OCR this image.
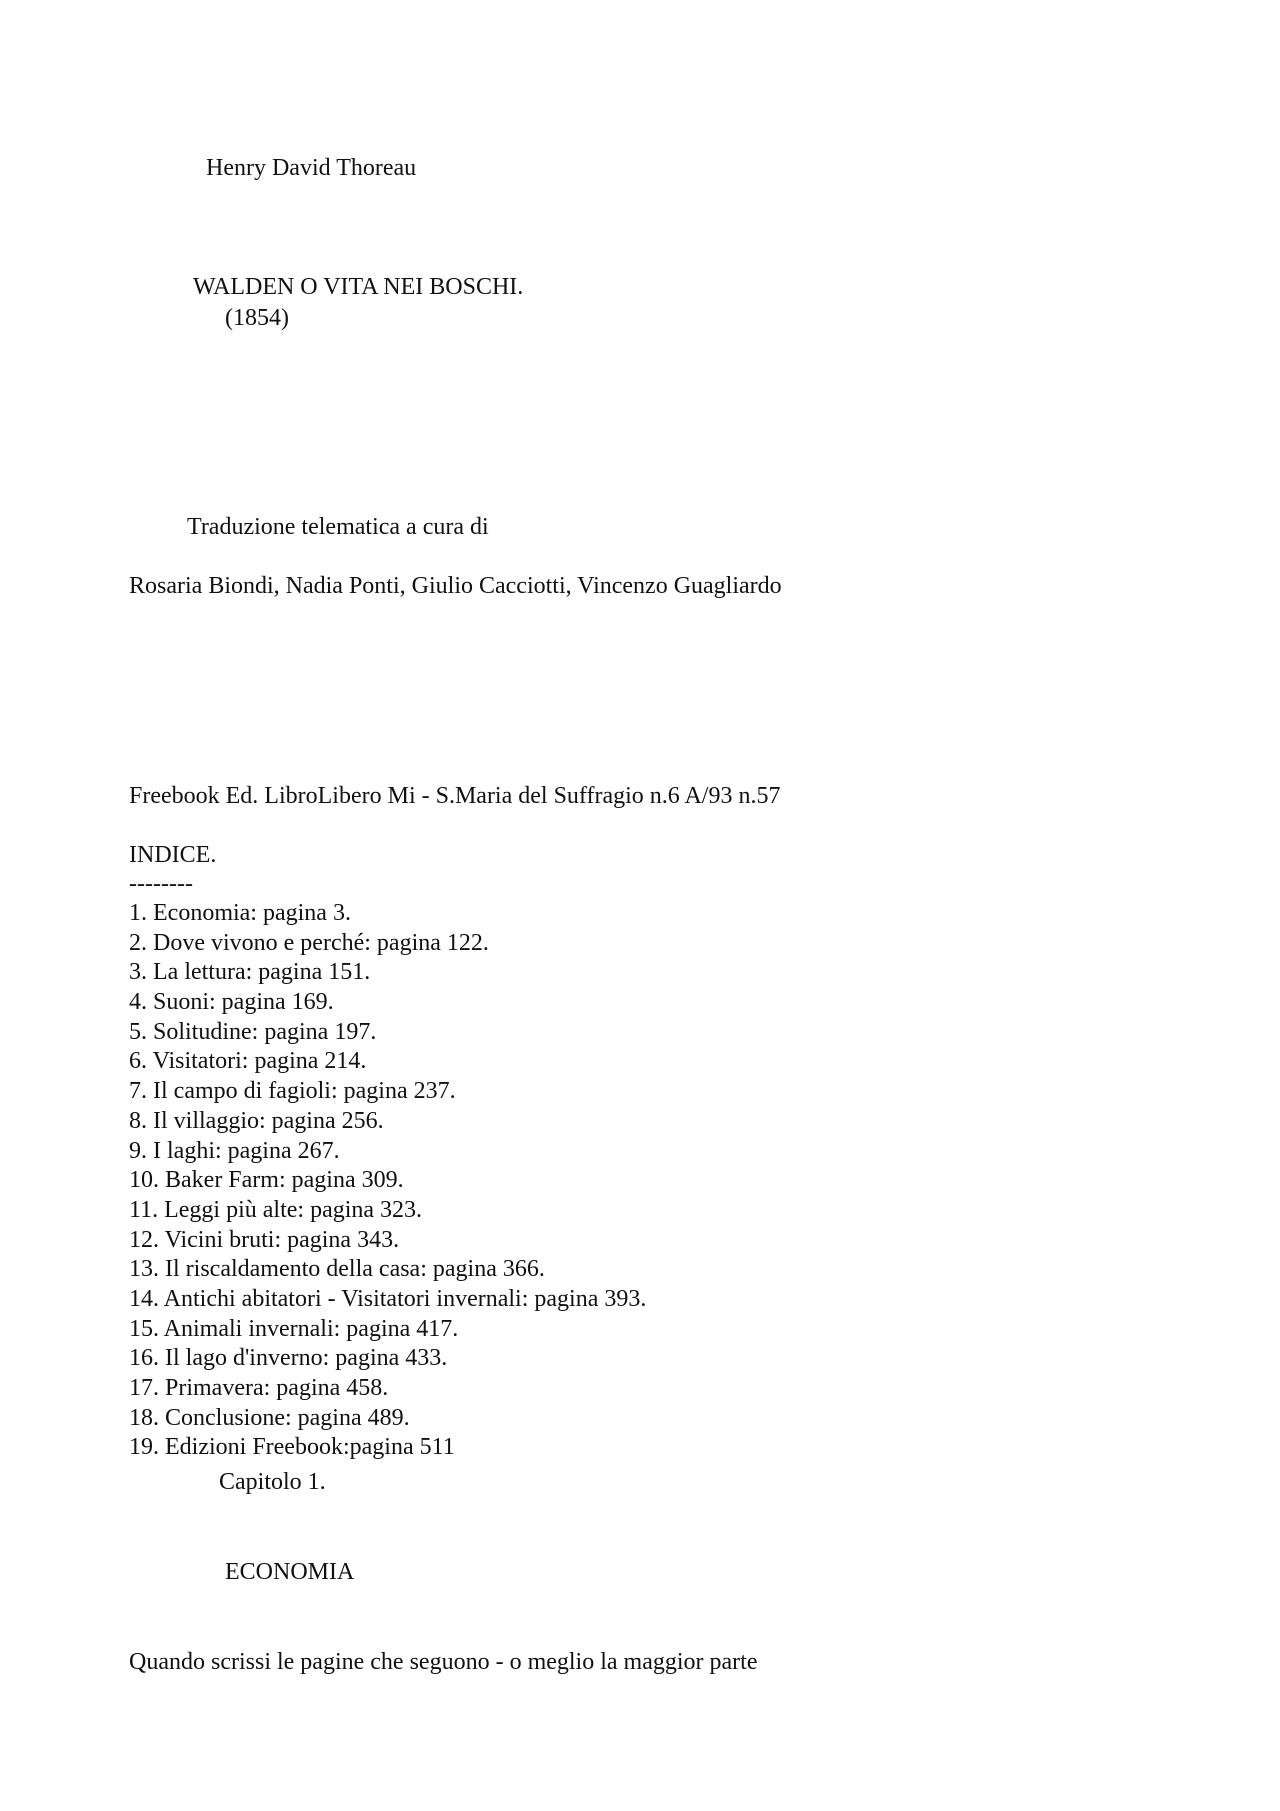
Henry David Thoreau

WALDEN O VITA NEI BOSCHI.

(1854)

Traduzione telematica a cura di

Rosaria Biondi, Nadia Ponti, Giulio Cacciotti, Vincenzo Guagliardo

Freebook Ed. LibroLibero Mi - S.Maria del Suffragio n.6 A/93 n.57

INDICE.

--------

1. Economia: pagina 3.
2. Dove vivono e perché: pagina 122.
3. La lettura: pagina 151.
4. Suoni: pagina 169.
5. Solitudine: pagina 197.
6. Visitatori: pagina 214.
7. Il campo di fagioli: pagina 237.
8. Il villaggio: pagina 256.
9. I laghi: pagina 267.
10. Baker Farm: pagina 309.
11. Leggi più alte: pagina 323.
12. Vicini bruti: pagina 343.
13. Il riscaldamento della casa: pagina 366.
14. Antichi abitatori - Visitatori invernali: pagina 393.
15. Animali invernali: pagina 417.
16. Il lago d'inverno: pagina 433.
17. Primavera: pagina 458.
18. Conclusione: pagina 489.
19. Edizioni Freebook:pagina 511

Capitolo 1.

ECONOMIA

Quando scrissi le pagine che seguono - o meglio la maggior parte
